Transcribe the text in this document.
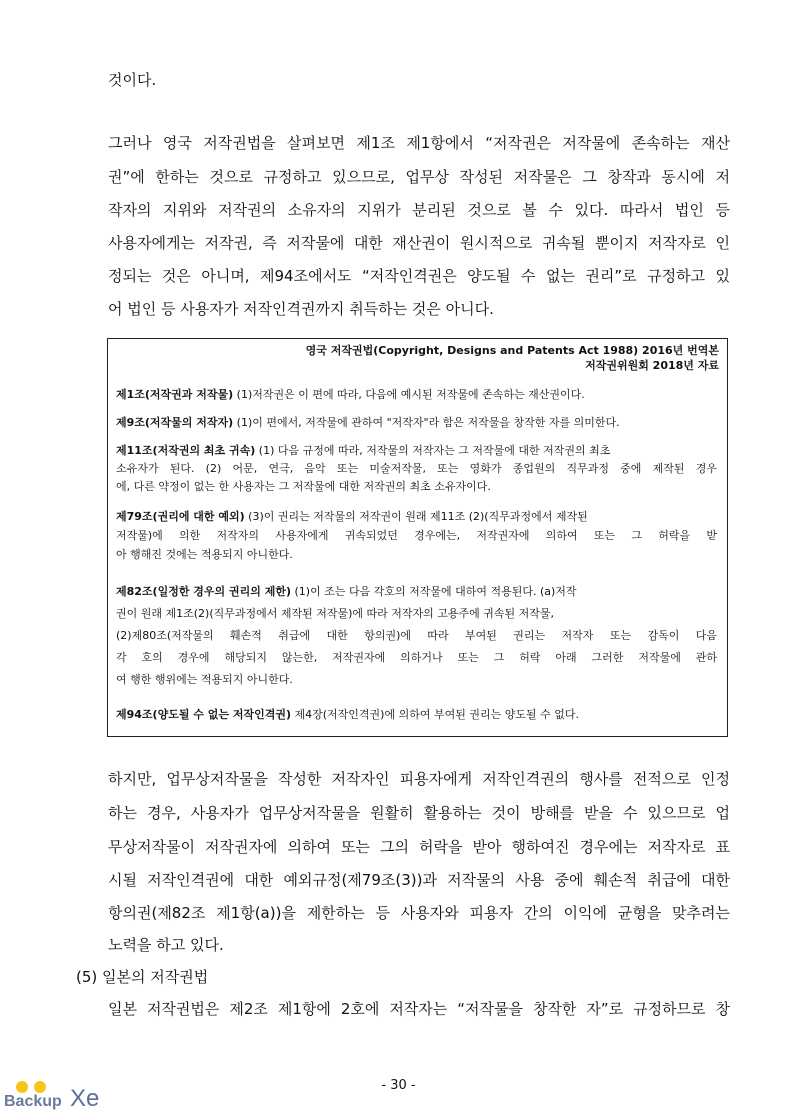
것이다.
그러나 영국 저작권법을 살펴보면 제1조 제1항에서 “저작권은 저작물에 존속하는 재산
권”에 한하는 것으로 규정하고 있으므로, 업무상 작성된 저작물은 그 창작과 동시에 저
작자의 지위와 저작권의 소유자의 지위가 분리된 것으로 볼 수 있다. 따라서 법인 등
사용자에게는 저작권, 즉 저작물에 대한 재산권이 원시적으로 귀속될 뿐이지 저작자로 인
정되는 것은 아니며, 제94조에서도 “저작인격권은 양도될 수 없는 권리”로 규정하고 있
어 법인 등 사용자가 저작인격권까지 취득하는 것은 아니다.
영국 저작권법(Copyright, Designs and Patents Act 1988) 2016년 번역본
저작권위원회 2018년 자료
제1조(저작권과 저작물) (1)저작권은 이 편에 따라, 다음에 예시된 저작물에 존속하는 재산권이다.
제9조(저작물의 저작자) (1)이 편에서, 저작물에 관하여 "저작자"라 함은 저작물을 창작한 자를 의미한다.
제11조(저작권의 최초 귀속) (1) 다음 규정에 따라, 저작물의 저작자는 그 저작물에 대한 저작권의 최초
소유자가 된다. (2) 어문, 연극, 음악 또는 미술저작물, 또는 영화가 종업원의 직무과정 중에 제작된 경우
에, 다른 약정이 없는 한 사용자는 그 저작물에 대한 저작권의 최초 소유자이다.
제79조(권리에 대한 예외) (3)이 권리는 저작물의 저작권이 원래 제11조 (2)(직무과정에서 제작된
저작물)에 의한 저작자의 사용자에게 귀속되었던 경우에는, 저작권자에 의하여 또는 그 허락을 받
아 행해진 것에는 적용되지 아니한다.
제82조(일정한 경우의 권리의 제한) (1)이 조는 다음 각호의 저작물에 대하여 적용된다. (a)저작
권이 원래 제1조(2)(직무과정에서 제작된 저작물)에 따라 저작자의 고용주에 귀속된 저작물,
(2)제80조(저작물의 훼손적 취급에 대한 항의권)에 따라 부여된 권리는 저작자 또는 감독이 다음
각 호의 경우에 해당되지 않는한, 저작권자에 의하거나 또는 그 허락 아래 그러한 저작물에 관하
여 행한 행위에는 적용되지 아니한다.
제94조(양도될 수 없는 저작인격권) 제4장(저작인격권)에 의하여 부여된 권리는 양도될 수 없다.
하지만, 업무상저작물을 작성한 저작자인 피용자에게 저작인격권의 행사를 전적으로 인정
하는 경우, 사용자가 업무상저작물을 원활히 활용하는 것이 방해를 받을 수 있으므로 업
무상저작물이 저작권자에 의하여 또는 그의 허락을 받아 행하여진 경우에는 저작자로 표
시될 저작인격권에 대한 예외규정(제79조(3))과 저작물의 사용 중에 훼손적 취급에 대한
항의권(제82조 제1항(a))을 제한하는 등 사용자와 피용자 간의 이익에 균형을 맞추려는
노력을 하고 있다.
(5) 일본의 저작권법
일본 저작권법은 제2조 제1항에 2호에 저작자는 “저작물을 창작한 자”로 규정하므로 창
- 30 -
Backup Xe
